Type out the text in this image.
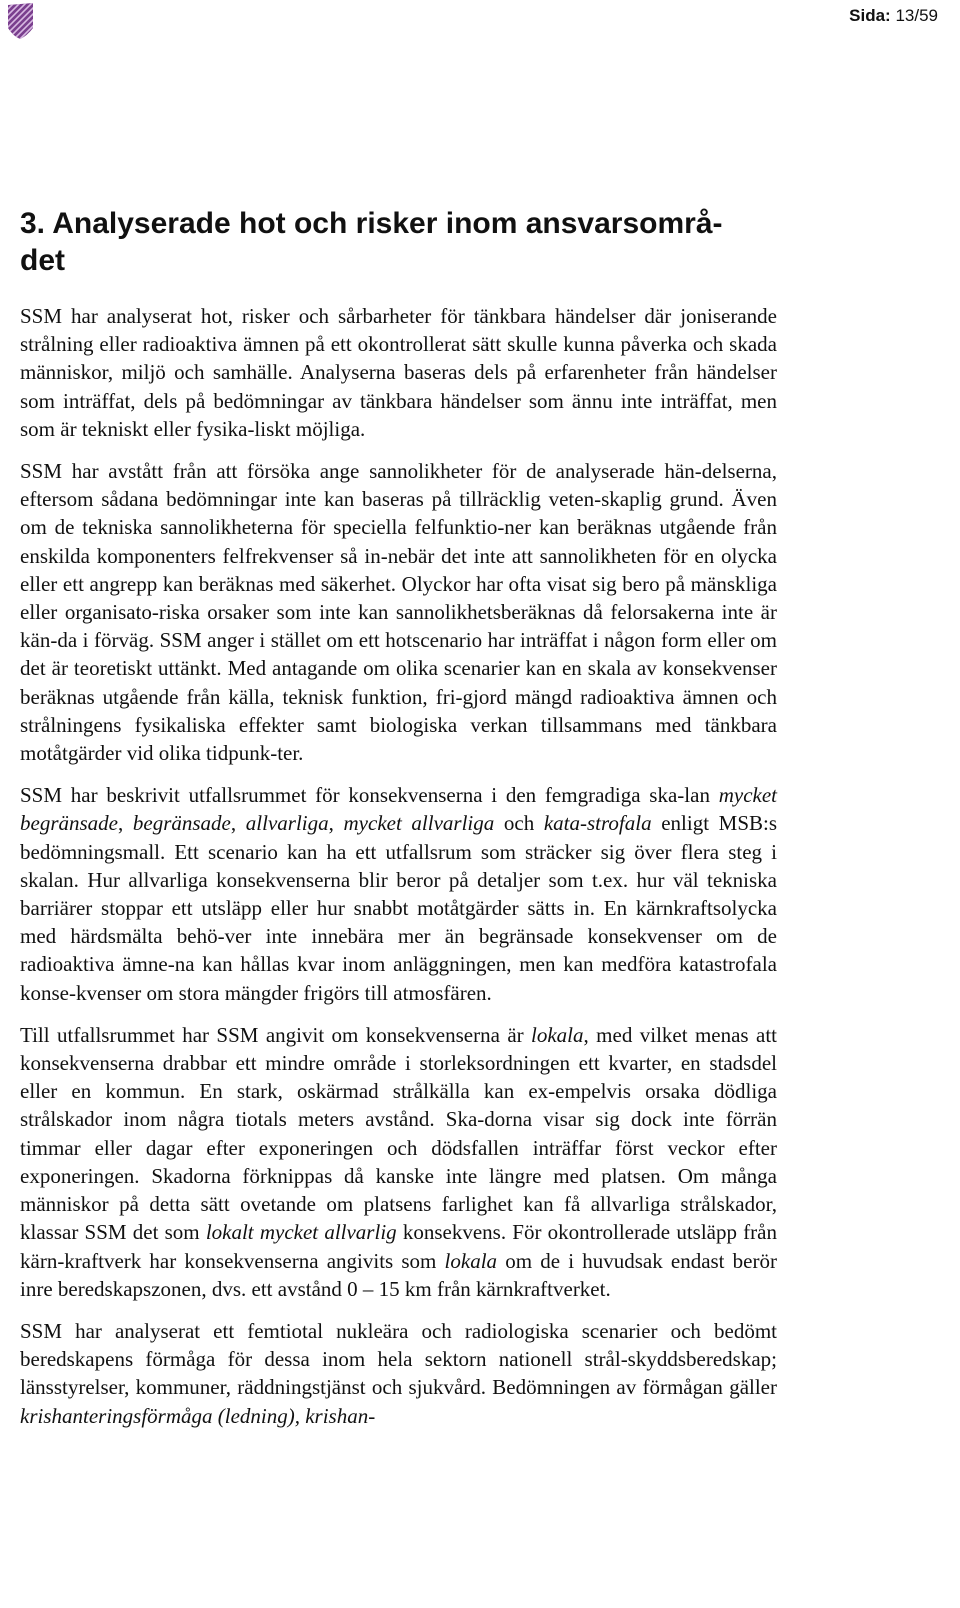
Sida: 13/59
3. Analyserade hot och risker inom ansvarsområ-
det

SSM har analyserat hot, risker och sårbarheter för tänkbara händelser där joniserande strålning eller radioaktiva ämnen på ett okontrollerat sätt skulle kunna påverka och skada människor, miljö och samhälle. Analyserna baseras dels på erfarenheter från händelser som inträffat, dels på bedömningar av tänkbara händelser som ännu inte inträffat, men som är tekniskt eller fysika-liskt möjliga.

SSM har avstått från att försöka ange sannolikheter för de analyserade hän-delserna, eftersom sådana bedömningar inte kan baseras på tillräcklig veten-skaplig grund. Även om de tekniska sannolikheterna för speciella felfunktio-ner kan beräknas utgående från enskilda komponenters felfrekvenser så in-nebär det inte att sannolikheten för en olycka eller ett angrepp kan beräknas med säkerhet. Olyckor har ofta visat sig bero på mänskliga eller organisato-riska orsaker som inte kan sannolikhetsberäknas då felorsakerna inte är kän-da i förväg. SSM anger i stället om ett hotscenario har inträffat i någon form eller om det är teoretiskt uttänkt. Med antagande om olika scenarier kan en skala av konsekvenser beräknas utgående från källa, teknisk funktion, fri-gjord mängd radioaktiva ämnen och strålningens fysikaliska effekter samt biologiska verkan tillsammans med tänkbara motåtgärder vid olika tidpunk-ter.

SSM har beskrivit utfallsrummet för konsekvenserna i den femgradiga ska-lan mycket begränsade, begränsade, allvarliga, mycket allvarliga och kata-strofala enligt MSB:s bedömningsmall. Ett scenario kan ha ett utfallsrum som sträcker sig över flera steg i skalan. Hur allvarliga konsekvenserna blir beror på detaljer som t.ex. hur väl tekniska barriärer stoppar ett utsläpp eller hur snabbt motåtgärder sätts in. En kärnkraftsolycka med härdsmälta behö-ver inte innebära mer än begränsade konsekvenser om de radioaktiva ämne-na kan hållas kvar inom anläggningen, men kan medföra katastrofala konse-kvenser om stora mängder frigörs till atmosfären.

Till utfallsrummet har SSM angivit om konsekvenserna är lokala, med vilket menas att konsekvenserna drabbar ett mindre område i storleksordningen ett kvarter, en stadsdel eller en kommun. En stark, oskärmad strålkälla kan ex-empelvis orsaka dödliga strålskador inom några tiotals meters avstånd. Ska-dorna visar sig dock inte förrän timmar eller dagar efter exponeringen och dödsfallen inträffar först veckor efter exponeringen. Skadorna förknippas då kanske inte längre med platsen. Om många människor på detta sätt ovetande om platsens farlighet kan få allvarliga strålskador, klassar SSM det som lokalt mycket allvarlig konsekvens. För okontrollerade utsläpp från kärn-kraftverk har konsekvenserna angivits som lokala om de i huvudsak endast berör inre beredskapszonen, dvs. ett avstånd 0 – 15 km från kärnkraftverket.

SSM har analyserat ett femtiotal nukleära och radiologiska scenarier och bedömt beredskapens förmåga för dessa inom hela sektorn nationell strål-skyddsberedskap; länsstyrelser, kommuner, räddningstjänst och sjukvård. Bedömningen av förmågan gäller krishanteringsförmåga (ledning), krishan-
